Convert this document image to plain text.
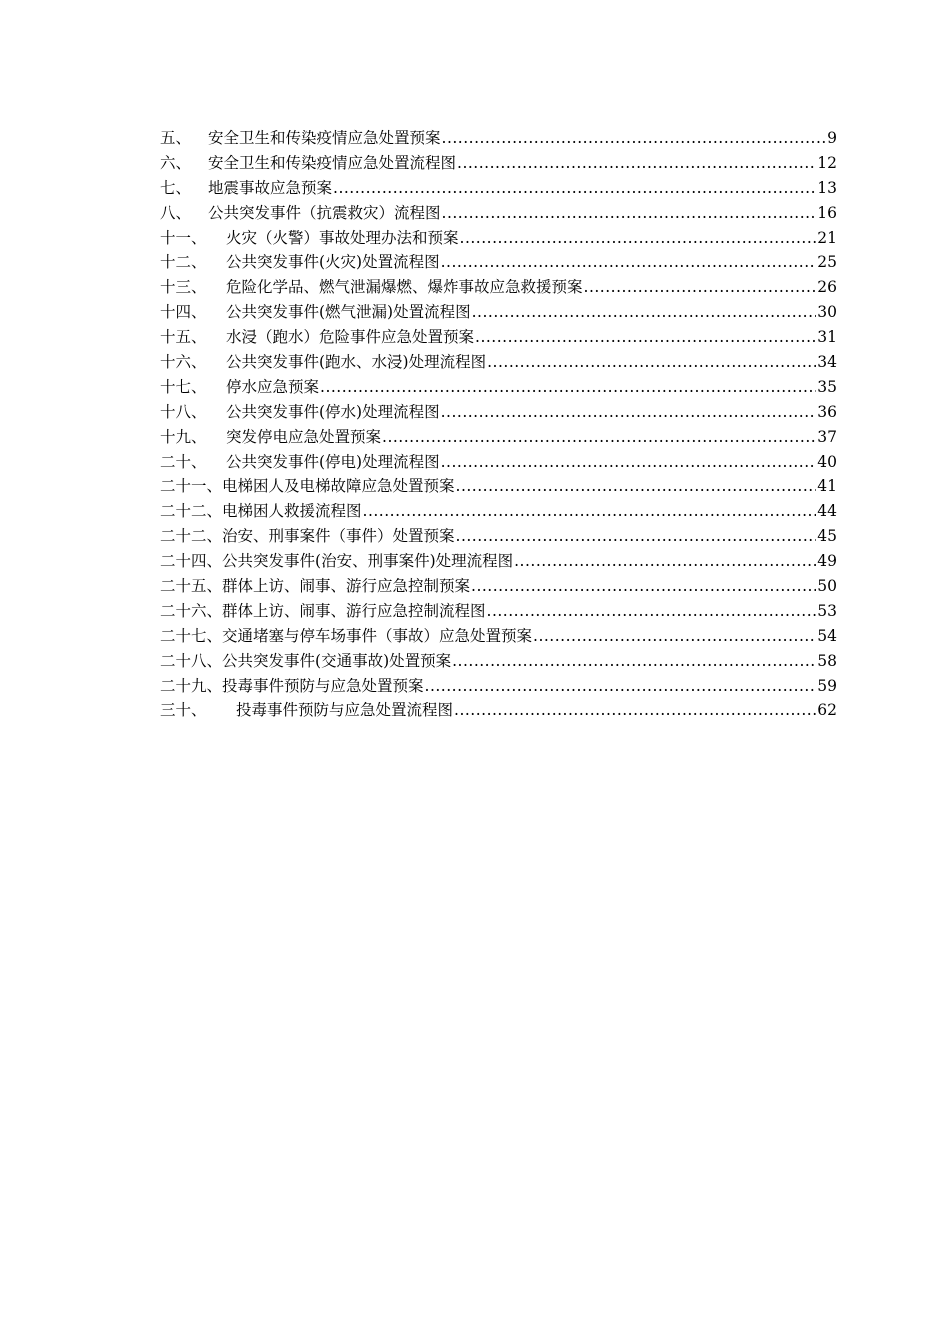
五、	安全卫生和传染疫情应急处置预案 .....	9
六、	安全卫生和传染疫情应急处置流程图 .....	12
七、	地震事故应急预案 .....	13
八、	公共突发事件（抗震救灾）流程图 .....	16
十一、	火灾（火警）事故处理办法和预案 .....	21
十二、	公共突发事件(火灾)处置流程图 .....	25
十三、	危险化学品、燃气泄漏爆燃、爆炸事故应急救援预案 .....	26
十四、	公共突发事件(燃气泄漏)处置流程图 .....	30
十五、	水浸（跑水）危险事件应急处置预案 .....	31
十六、	公共突发事件(跑水、水浸)处理流程图 .....	34
十七、	停水应急预案 .....	35
十八、	公共突发事件(停水)处理流程图 .....	36
十九、	突发停电应急处置预案 .....	37
二十、	公共突发事件(停电)处理流程图 .....	40
二十一、 电梯困人及电梯故障应急处置预案 .....	41
二十二、 电梯困人救援流程图 .....	44
二十二、 治安、刑事案件（事件）处置预案 .....	45
二十四、 公共突发事件(治安、刑事案件)处理流程图 .....	49
二十五、 群体上访、闹事、游行应急控制预案 .....	50
二十六、 群体上访、闹事、游行应急控制流程图 .....	53
二十七、 交通堵塞与停车场事件（事故）应急处置预案 .....	54
二十八、 公共突发事件(交通事故)处置预案 .....	58
二十九、 投毒事件预防与应急处置预案 .....	59
三十、	投毒事件预防与应急处置流程图 .....	62
